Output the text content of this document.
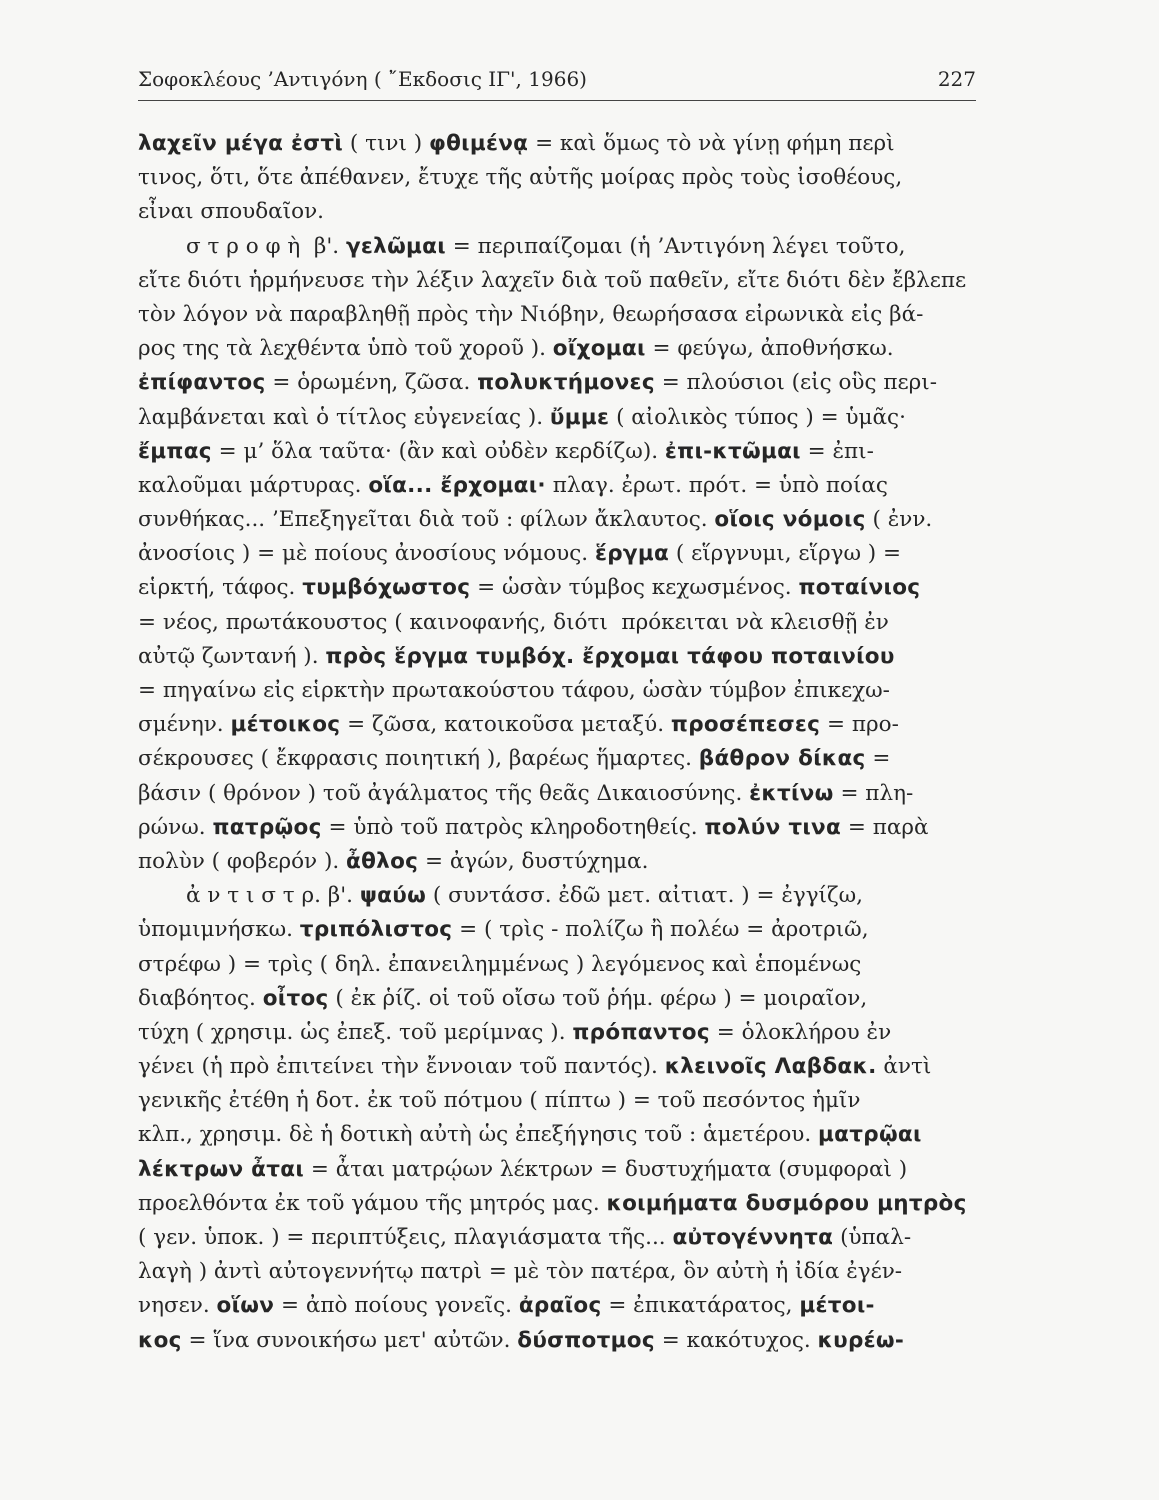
Σοφοκλέους ’Αντιγόνη ( ῎Εκδοσις ΙΓ', 1966)	227
λαχεῖν μέγα ἐστὶ ( τινι ) φθιμένᾳ = καὶ ὅμως τὸ νὰ γίνῃ φήμη περὶ
τινος, ὅτι, ὅτε ἀπέθανεν, ἔτυχε τῆς αὐτῆς μοίρας πρὸς τοὺς ἰσοθέους,
εἶναι σπουδαῖον.
σ τ ρ ο φ ὴ  β'. γελῶμαι = περιπαίζομαι (ἡ ’Αντιγόνη λέγει τοῦτο,
εἴτε διότι ἡρμήνευσε τὴν λέξιν λαχεῖν διὰ τοῦ παθεῖν, εἴτε διότι δὲν ἔβλεπε
τὸν λόγον νὰ παραβληθῇ πρὸς τὴν Νιόβην, θεωρήσασα εἰρωνικὰ εἰς βά-
ρος της τὰ λεχθέντα ὑπὸ τοῦ χοροῦ ). οἴχομαι = φεύγω, ἀποθνήσκω.
ἐπίφαντος = ὁρωμένη, ζῶσα. πολυκτήμονες = πλούσιοι (εἰς οὓς περι-
λαμβάνεται καὶ ὁ τίτλος εὐγενείας ). ὔμμε ( αἰολικὸς τύπος ) = ὑμᾶς·
ἔμπας = μ’ ὅλα ταῦτα· (ἂν καὶ οὐδὲν κερδίζω). ἐπι-κτῶμαι = ἐπι-
καλοῦμαι μάρτυρας. οἵα... ἔρχομαι· πλαγ. ἐρωτ. πρότ. = ὑπὸ ποίας
συνθήκας... ’Επεξηγεῖται διὰ τοῦ : φίλων ἄκλαυτος. οἵοις νόμοις ( ἐνν.
ἀνοσίοις ) = μὲ ποίους ἀνοσίους νόμους. ἕργμα ( εἵργνυμι, εἵργω ) =
εἱρκτή, τάφος. τυμβόχωστος = ὡσὰν τύμβος κεχωσμένος. ποταίνιος
= νέος, πρωτάκουστος ( καινοφανής, διότι  πρόκειται νὰ κλεισθῇ ἐν
αὐτῷ ζωντανή ). πρὸς ἕργμα τυμβόχ. ἔρχομαι τάφου ποταινίου
= πηγαίνω εἰς εἱρκτὴν πρωτακούστου τάφου, ὡσὰν τύμβον ἐπικεχω-
σμένην. μέτοικος = ζῶσα, κατοικοῦσα μεταξύ. προσέπεσες = προ-
σέκρουσες ( ἔκφρασις ποιητική ), βαρέως ἥμαρτες. βάθρον δίκας =
βάσιν ( θρόνον ) τοῦ ἀγάλματος τῆς θεᾶς Δικαιοσύνης. ἐκτίνω = πλη-
ρώνω. πατρῷος = ὑπὸ τοῦ πατρὸς κληροδοτηθείς. πολύν τινα = παρὰ
πολὺν ( φοβερόν ). ἆθλος = ἀγών, δυστύχημα.
ἀ ν τ ι σ τ ρ. β'. ψαύω ( συντάσσ. ἐδῶ μετ. αἰτιατ. ) = ἐγγίζω,
ὑπομιμνήσκω. τριπόλιστος = ( τρὶς - πολίζω ἢ πολέω = ἀροτριῶ,
στρέφω ) = τρὶς ( δηλ. ἐπανειλημμένως ) λεγόμενος καὶ ἑπομένως
διαβόητος. οἶτος ( ἐκ ῥίζ. οἱ τοῦ οἴσω τοῦ ῥήμ. φέρω ) = μοιραῖον,
τύχη ( χρησιμ. ὡς ἐπεξ. τοῦ μερίμνας ). πρόπαντος = ὁλοκλήρου ἐν
γένει (ἡ πρὸ ἐπιτείνει τὴν ἔννοιαν τοῦ παντός). κλεινοῖς Λαβδακ. ἀντὶ
γενικῆς ἐτέθη ἡ δοτ. ἐκ τοῦ πότμου ( πίπτω ) = τοῦ πεσόντος ἡμῖν
κλπ., χρησιμ. δὲ ἡ δοτικὴ αὐτὴ ὡς ἐπεξήγησις τοῦ : ἁμετέρου. ματρῷαι
λέκτρων ἆται = ἆται ματρῴων λέκτρων = δυστυχήματα (συμφοραὶ )
προελθόντα ἐκ τοῦ γάμου τῆς μητρός μας. κοιμήματα δυσμόρου μητρὸς
( γεν. ὑποκ. ) = περιπτύξεις, πλαγιάσματα τῆς... αὐτογέννητα (ὑπαλ-
λαγὴ ) ἀντὶ αὐτογεννήτῳ πατρὶ = μὲ τὸν πατέρα, ὃν αὐτὴ ἡ ἰδία ἐγέν-
νησεν. οἵων = ἀπὸ ποίους γονεῖς. ἀραῖος = ἐπικατάρατος, μέτοι-
κος = ἵνα συνοικήσω μετ' αὐτῶν. δύσποτμος = κακότυχος. κυρέω-
